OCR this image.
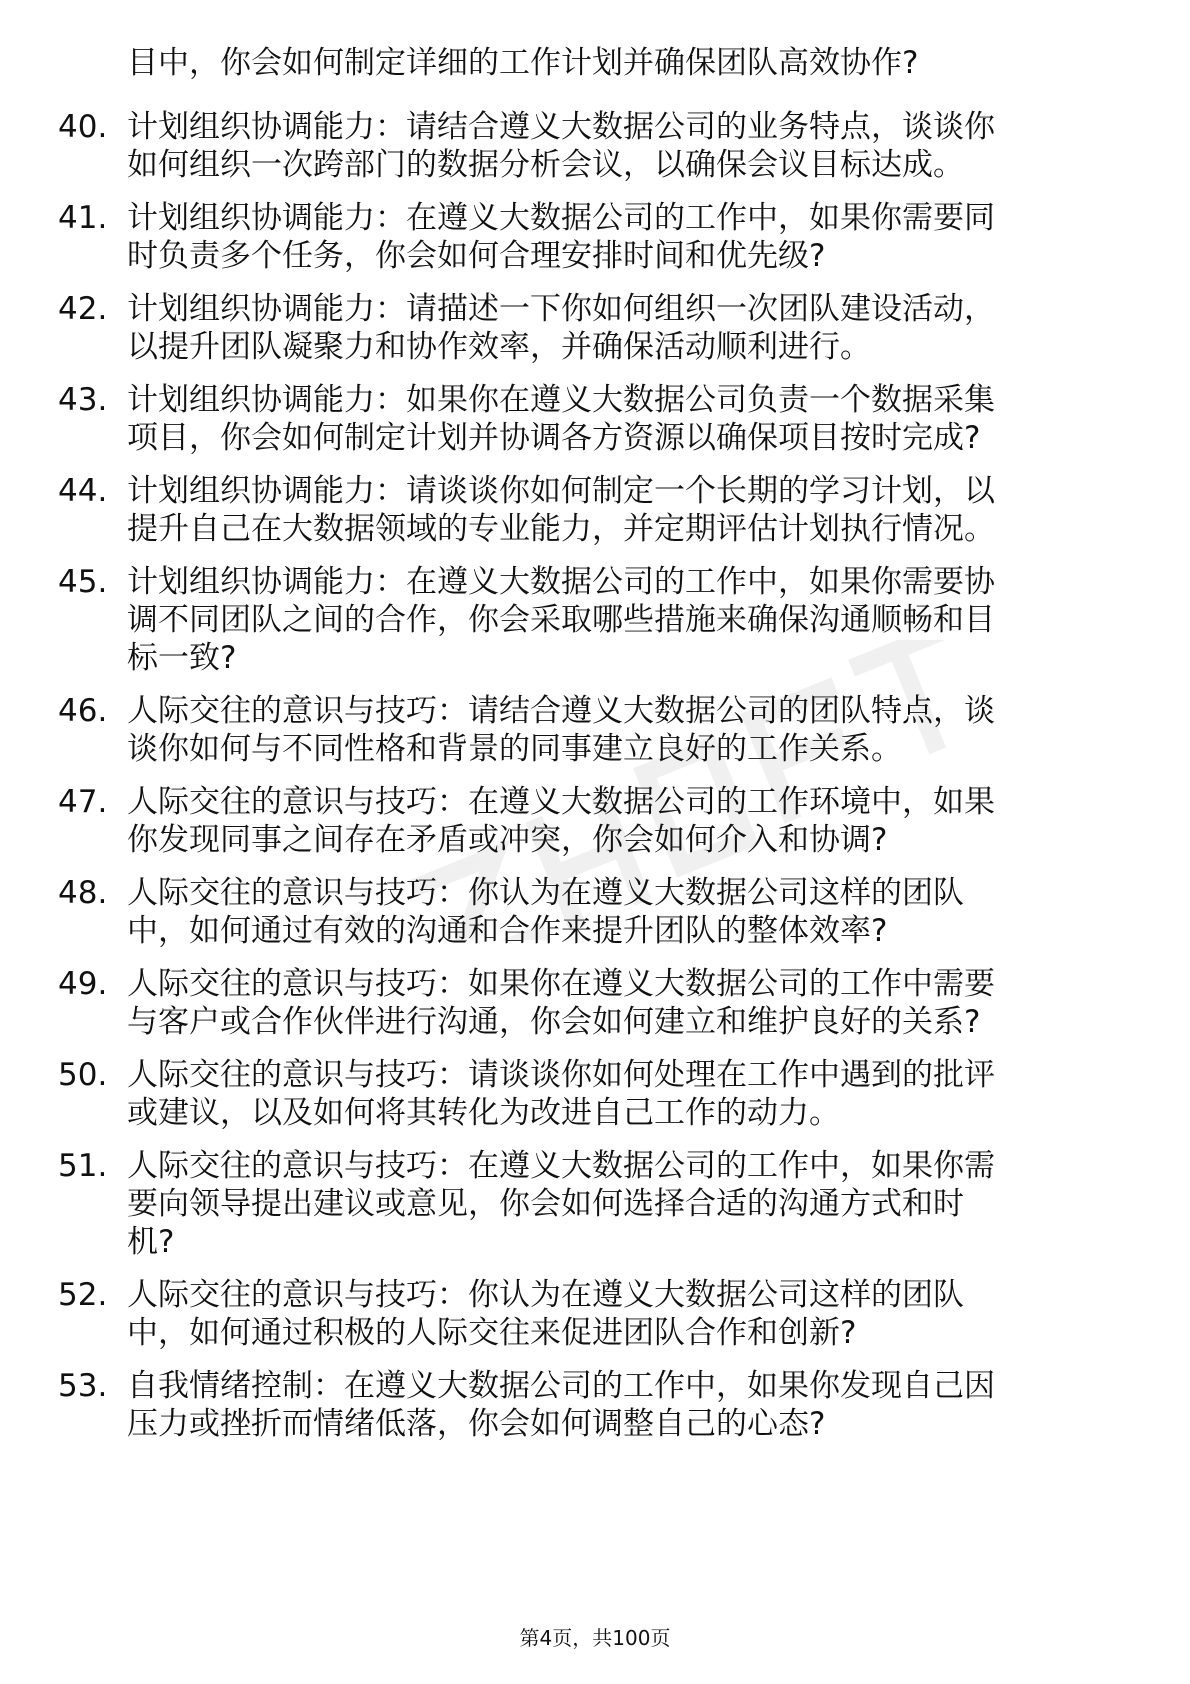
目中，你会如何制定详细的工作计划并确保团队高效协作?
40. 计划组织协调能力：请结合遵义大数据公司的业务特点，谈谈你
如何组织一次跨部门的数据分析会议，以确保会议目标达成。
41. 计划组织协调能力：在遵义大数据公司的工作中，如果你需要同
时负责多个任务，你会如何合理安排时间和优先级?
42. 计划组织协调能力：请描述一下你如何组织一次团队建设活动，
以提升团队凝聚力和协作效率，并确保活动顺利进行。
43. 计划组织协调能力：如果你在遵义大数据公司负责一个数据采集
项目，你会如何制定计划并协调各方资源以确保项目按时完成?
44. 计划组织协调能力：请谈谈你如何制定一个长期的学习计划，以
提升自己在大数据领域的专业能力，并定期评估计划执行情况。
45. 计划组织协调能力：在遵义大数据公司的工作中，如果你需要协
调不同团队之间的合作，你会采取哪些措施来确保沟通顺畅和目
标一致?
46. 人际交往的意识与技巧：请结合遵义大数据公司的团队特点，谈
谈你如何与不同性格和背景的同事建立良好的工作关系。
47. 人际交往的意识与技巧：在遵义大数据公司的工作环境中，如果
你发现同事之间存在矛盾或冲突，你会如何介入和协调?
48. 人际交往的意识与技巧：你认为在遵义大数据公司这样的团队
中，如何通过有效的沟通和合作来提升团队的整体效率?
49. 人际交往的意识与技巧：如果你在遵义大数据公司的工作中需要
与客户或合作伙伴进行沟通，你会如何建立和维护良好的关系?
50. 人际交往的意识与技巧：请谈谈你如何处理在工作中遇到的批评
或建议，以及如何将其转化为改进自己工作的动力。
51. 人际交往的意识与技巧：在遵义大数据公司的工作中，如果你需
要向领导提出建议或意见，你会如何选择合适的沟通方式和时
机?
52. 人际交往的意识与技巧：你认为在遵义大数据公司这样的团队
中，如何通过积极的人际交往来促进团队合作和创新?
53. 自我情绪控制：在遵义大数据公司的工作中，如果你发现自己因
压力或挫折而情绪低落，你会如何调整自己的心态?
第4页，共100页
